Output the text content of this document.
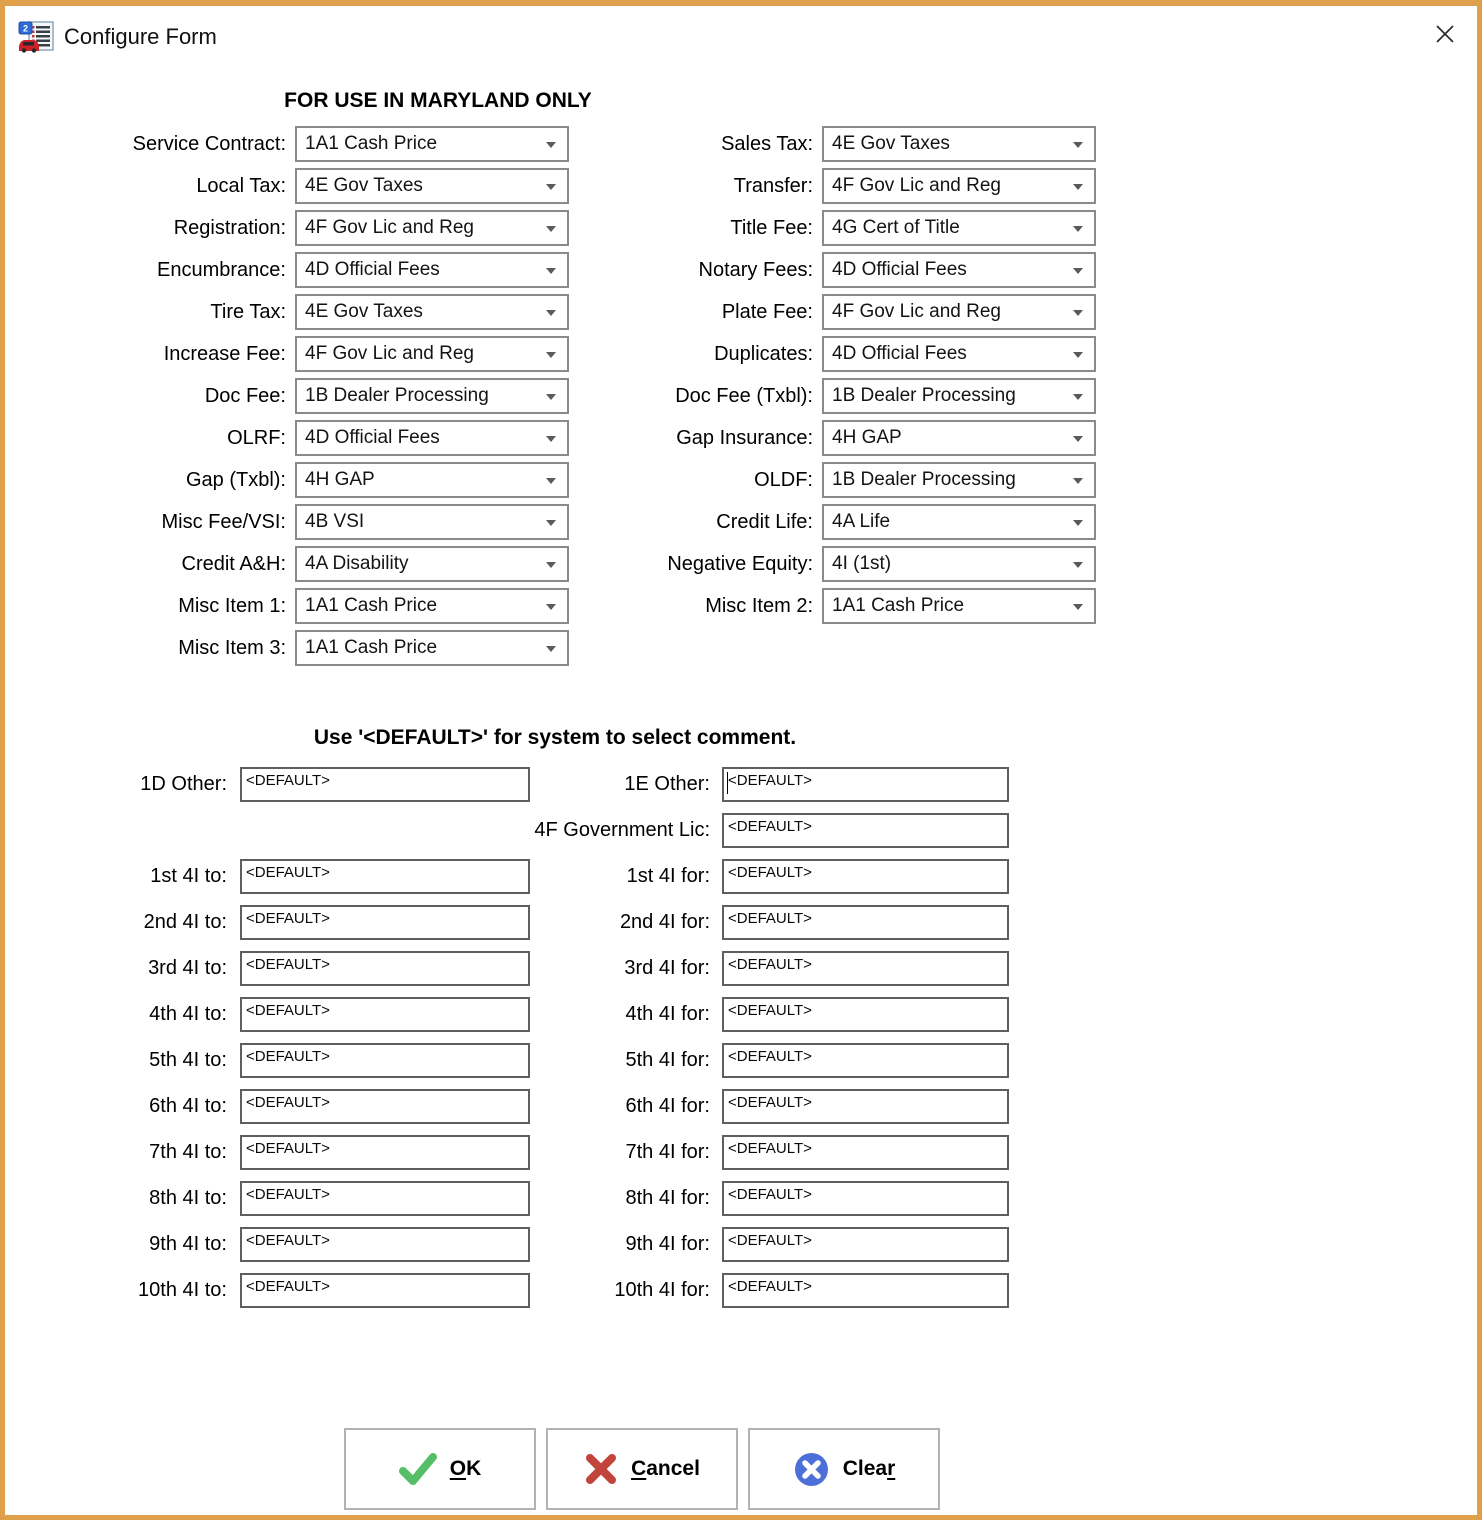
2 Configure Form
FOR USE IN MARYLAND ONLY
Service Contract: 1A1 Cash Price	Sales Tax: 4E Gov Taxes
Local Tax: 4E Gov Taxes	Transfer: 4F Gov Lic and Reg
Registration: 4F Gov Lic and Reg	Title Fee: 4G Cert of Title
Encumbrance: 4D Official Fees	Notary Fees: 4D Official Fees
Tire Tax: 4E Gov Taxes	Plate Fee: 4F Gov Lic and Reg
Increase Fee: 4F Gov Lic and Reg	Duplicates: 4D Official Fees
Doc Fee: 1B Dealer Processing	Doc Fee (Txbl): 1B Dealer Processing
OLRF: 4D Official Fees	Gap Insurance: 4H GAP
Gap (Txbl): 4H GAP	OLDF: 1B Dealer Processing
Misc Fee/VSI: 4B VSI	Credit Life: 4A Life
Credit A&H: 4A Disability	Negative Equity: 4I (1st)
Misc Item 1: 1A1 Cash Price	Misc Item 2: 1A1 Cash Price
Misc Item 3: 1A1 Cash Price
Use '<DEFAULT>' for system to select comment.
1D Other:
<DEFAULT>	1E Other:
<DEFAULT>
4F Government Lic:
<DEFAULT>
1st 4I to:
<DEFAULT>	1st 4I for:
<DEFAULT>
2nd 4I to:
<DEFAULT>	2nd 4I for:
<DEFAULT>
3rd 4I to:
<DEFAULT>	3rd 4I for:
<DEFAULT>
4th 4I to:
<DEFAULT>	4th 4I for:
<DEFAULT>
5th 4I to:
<DEFAULT>	5th 4I for:
<DEFAULT>
6th 4I to:
<DEFAULT>	6th 4I for:
<DEFAULT>
7th 4I to:
<DEFAULT>	7th 4I for:
<DEFAULT>
8th 4I to:
<DEFAULT>	8th 4I for:
<DEFAULT>
9th 4I to:
<DEFAULT>	9th 4I for:
<DEFAULT>
10th 4I to:
<DEFAULT>	10th 4I for:
<DEFAULT>
OK	Cancel	Clear
